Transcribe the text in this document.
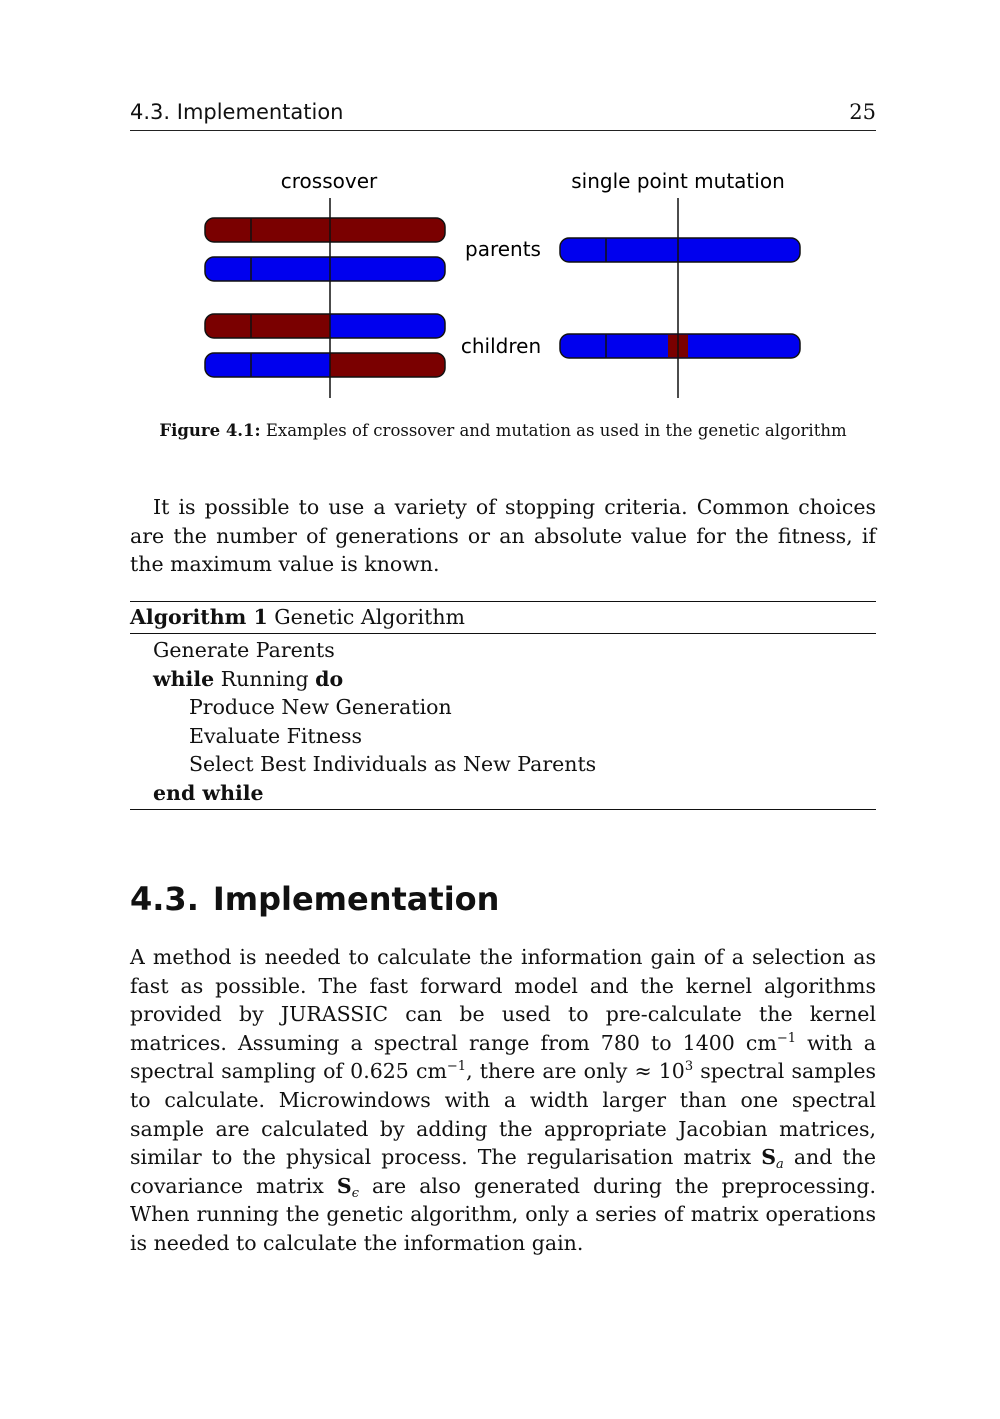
4.3. Implementation	25
crossover	single point mutation
parents
children
Figure 4.1: Examples of crossover and mutation as used in the genetic algorithm

It is possible to use a variety of stopping criteria. Common choices are the number of generations or an absolute value for the fitness, if the maximum value is known.

Algorithm 1 Genetic Algorithm
Generate Parents
while Running do
Produce New Generation
Evaluate Fitness
Select Best Individuals as New Parents
end while
4.3. Implementation

A method is needed to calculate the information gain of a selection as fast as possible. The fast forward model and the kernel algorithms provided by JURASSIC can be used to pre-calculate the kernel matrices. Assuming a spectral range from 780 to 1400 $cm^{-1}$ with a spectral sampling of 0.625 $cm^{-1}$, there are only ≈ $10^3$ spectral samples to calculate. Microwindows with a width larger than one spectral sample are calculated by adding the appropriate Jacobian matrices, similar to the physical process. The regularisation matrix $S_a$ and the covariance matrix $S_\epsilon$ are also generated during the preprocessing. When running the genetic algorithm, only a series of matrix operations is needed to calculate the information gain.
